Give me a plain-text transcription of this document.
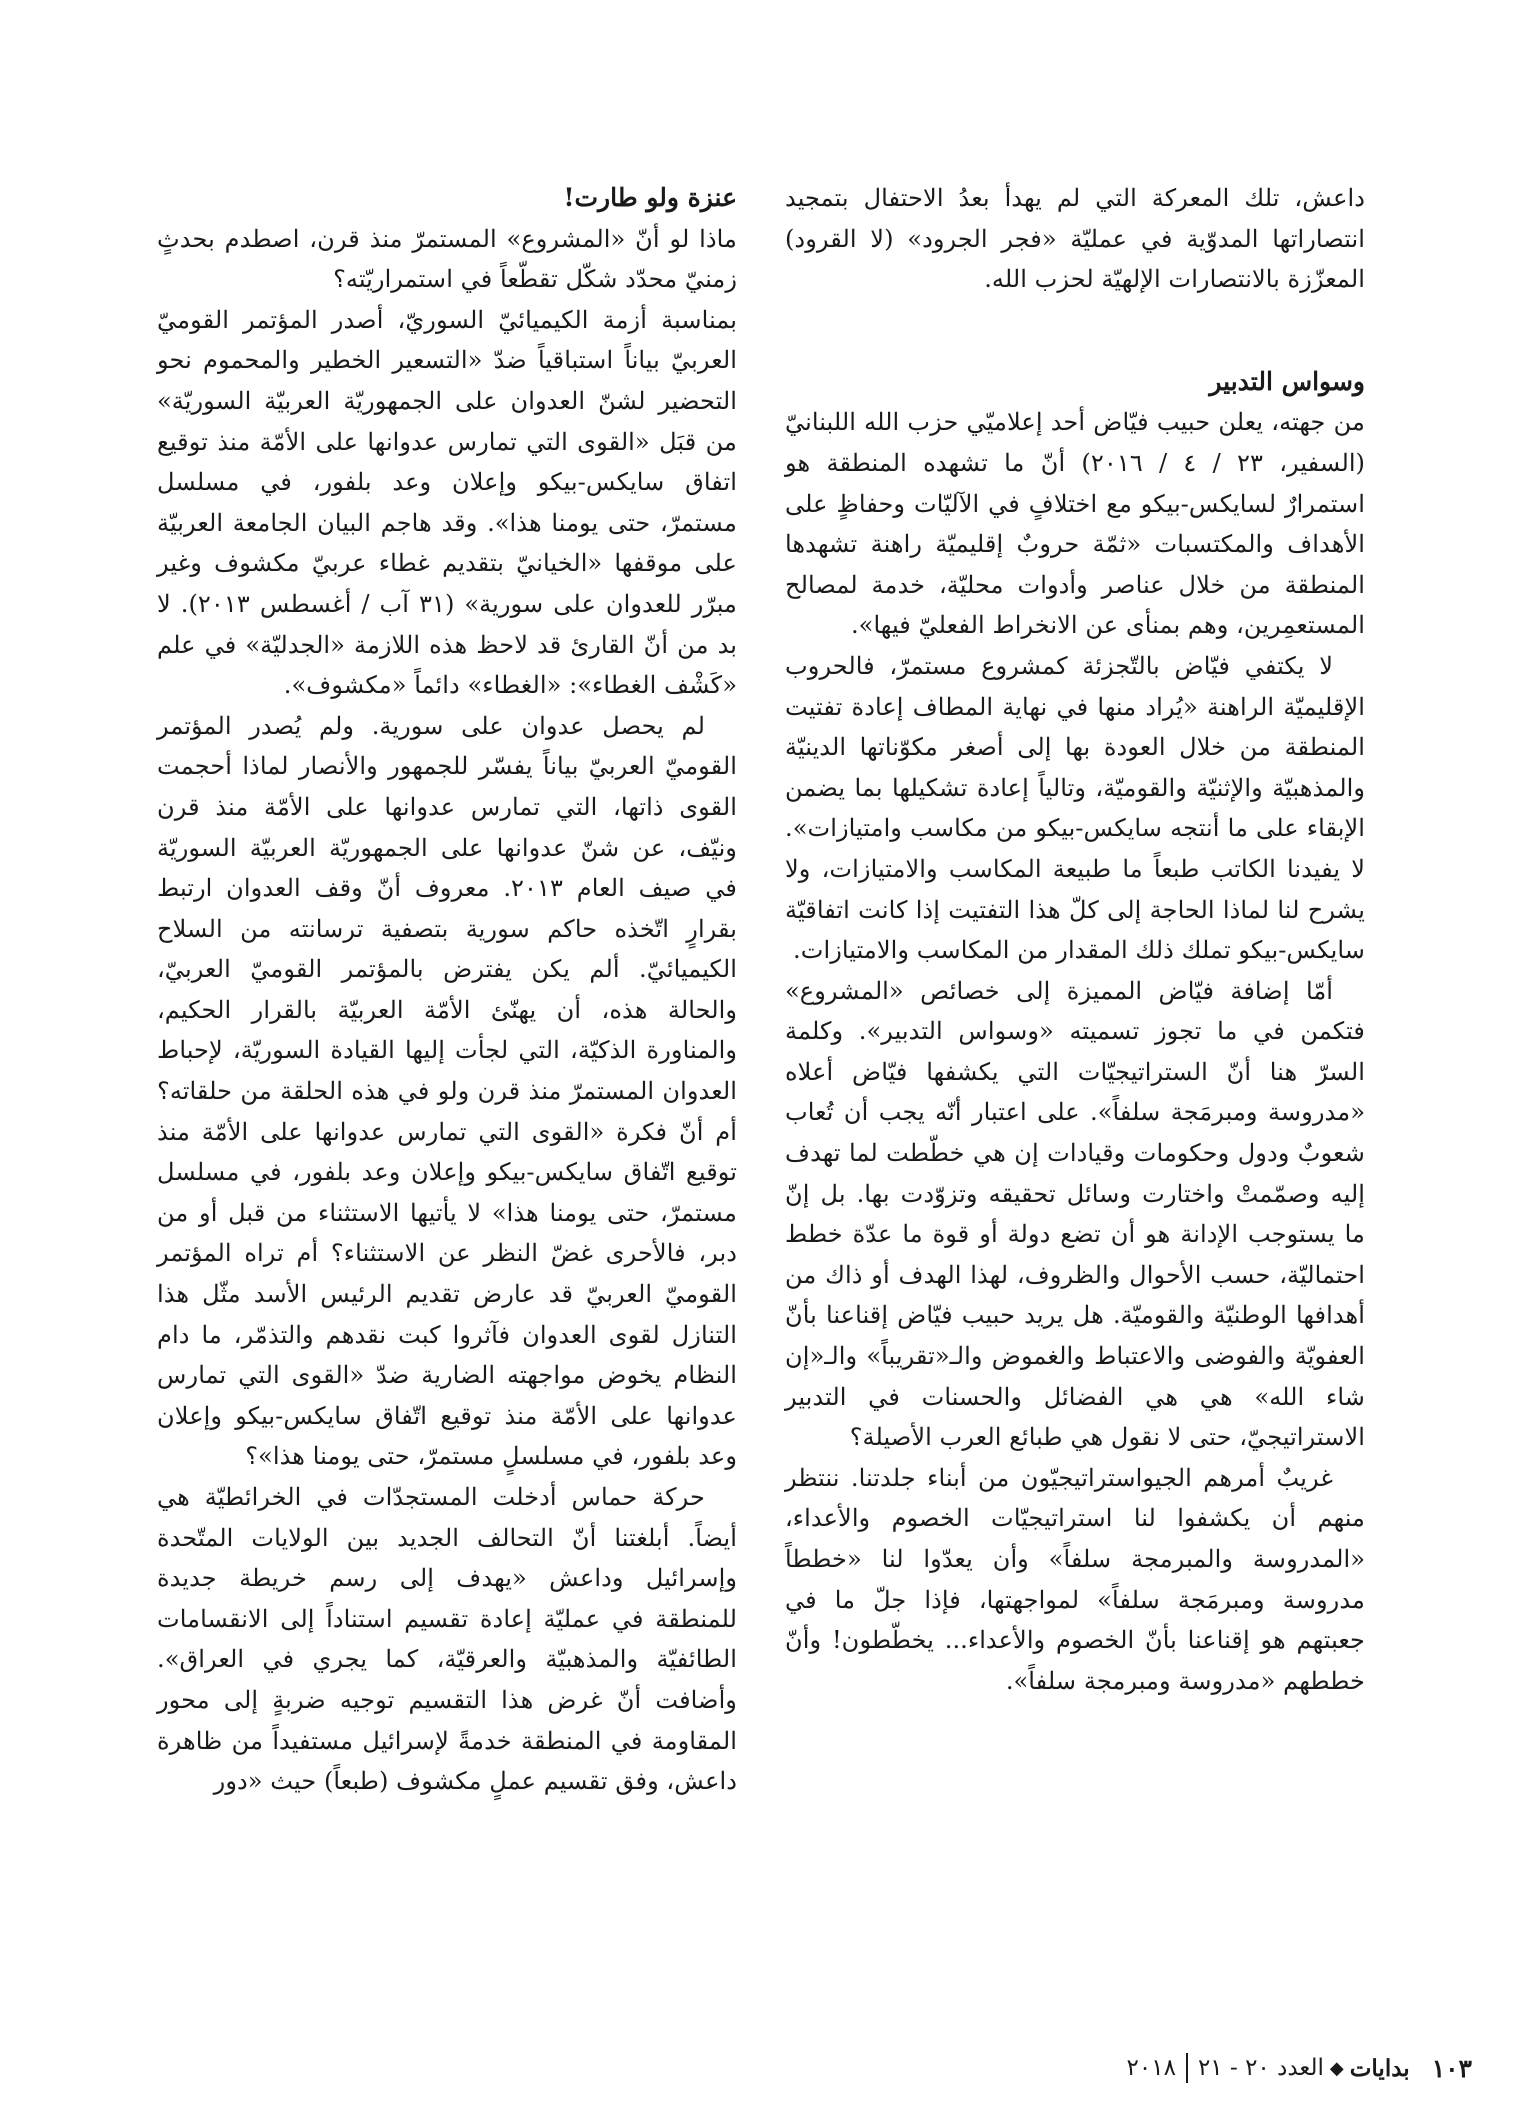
داعش، تلك المعركة التي لم يهدأ بعدُ الاحتفال بتمجيد انتصاراتها المدوّية في عمليّة «فجر الجرود» (لا القرود) المعزّزة بالانتصارات الإلهيّة لحزب الله.

وسواس التدبير

من جهته، يعلن حبيب فيّاض أحد إعلاميّي حزب الله اللبنانيّ (السفير، ٢٣ / ٤ / ٢٠١٦) أنّ ما تشهده المنطقة هو استمرارٌ لسايكس-بيكو مع اختلافٍ في الآليّات وحفاظٍ على الأهداف والمكتسبات «ثمّة حروبٌ إقليميّة راهنة تشهدها المنطقة من خلال عناصر وأدوات محليّة، خدمة لمصالح المستعمِرين، وهم بمنأى عن الانخراط الفعليّ فيها».

لا يكتفي فيّاض بالتّجزئة كمشروع مستمرّ، فالحروب الإقليميّة الراهنة «يُراد منها في نهاية المطاف إعادة تفتيت المنطقة من خلال العودة بها إلى أصغر مكوّناتها الدينيّة والمذهبيّة والإثنيّة والقوميّة، وتالياً إعادة تشكيلها بما يضمن الإبقاء على ما أنتجه سايكس-بيكو من مكاسب وامتيازات». لا يفيدنا الكاتب طبعاً ما طبيعة المكاسب والامتيازات، ولا يشرح لنا لماذا الحاجة إلى كلّ هذا التفتيت إذا كانت اتفاقيّة سايكس-بيكو تملك ذلك المقدار من المكاسب والامتيازات.

أمّا إضافة فيّاض المميزة إلى خصائص «المشروع» فتكمن في ما تجوز تسميته «وسواس التدبير». وكلمة السرّ هنا أنّ الستراتيجيّات التي يكشفها فيّاض أعلاه «مدروسة ومبرمَجة سلفاً». على اعتبار أنّه يجب أن تُعاب شعوبٌ ودول وحكومات وقيادات إن هي خطّطت لما تهدف إليه وصمّمتْ واختارت وسائل تحقيقه وتزوّدت بها. بل إنّ ما يستوجب الإدانة هو أن تضع دولة أو قوة ما عدّة خطط احتماليّة، حسب الأحوال والظروف، لهذا الهدف أو ذاك من أهدافها الوطنيّة والقوميّة. هل يريد حبيب فيّاض إقناعنا بأنّ العفويّة والفوضى والاعتباط والغموض والـ«تقريباً» والـ«إن شاء الله» هي هي الفضائل والحسنات في التدبير الاستراتيجيّ، حتى لا نقول هي طبائع العرب الأصيلة؟

غريبٌ أمرهم الجيواستراتيجيّون من أبناء جلدتنا. ننتظر منهم أن يكشفوا لنا استراتيجيّات الخصوم والأعداء، «المدروسة والمبرمجة سلفاً» وأن يعدّوا لنا «خططاً مدروسة ومبرمَجة سلفاً» لمواجهتها، فإذا جلّ ما في جعبتهم هو إقناعنا بأنّ الخصوم والأعداء... يخطّطون! وأنّ خططهم «مدروسة ومبرمجة سلفاً».

عنزة ولو طارت!

ماذا لو أنّ «المشروع» المستمرّ منذ قرن، اصطدم بحدثٍ زمنيّ محدّد شكّل تقطّعاً في استمراريّته؟

بمناسبة أزمة الكيميائيّ السوريّ، أصدر المؤتمر القوميّ العربيّ بياناً استباقياً ضدّ «التسعير الخطير والمحموم نحو التحضير لشنّ العدوان على الجمهوريّة العربيّة السوريّة» من قبَل «القوى التي تمارس عدوانها على الأمّة منذ توقيع اتفاق سايكس-بيكو وإعلان وعد بلفور، في مسلسل مستمرّ، حتى يومنا هذا». وقد هاجم البيان الجامعة العربيّة على موقفها «الخيانيّ بتقديم غطاء عربيّ مكشوف وغير مبرّر للعدوان على سورية» (٣١ آب / أغسطس ٢٠١٣). لا بد من أنّ القارئ قد لاحظ هذه اللازمة «الجدليّة» في علم «كَشْف الغطاء»: «الغطاء» دائماً «مكشوف».

لم يحصل عدوان على سورية. ولم يُصدر المؤتمر القوميّ العربيّ بياناً يفسّر للجمهور والأنصار لماذا أحجمت القوى ذاتها، التي تمارس عدوانها على الأمّة منذ قرن ونيّف، عن شنّ عدوانها على الجمهوريّة العربيّة السوريّة في صيف العام ٢٠١٣. معروف أنّ وقف العدوان ارتبط بقرارٍ اتّخذه حاكم سورية بتصفية ترسانته من السلاح الكيميائيّ. ألم يكن يفترض بالمؤتمر القوميّ العربيّ، والحالة هذه، أن يهنّئ الأمّة العربيّة بالقرار الحكيم، والمناورة الذكيّة، التي لجأت إليها القيادة السوريّة، لإحباط العدوان المستمرّ منذ قرن ولو في هذه الحلقة من حلقاته؟ أم أنّ فكرة «القوى التي تمارس عدوانها على الأمّة منذ توقيع اتّفاق سايكس-بيكو وإعلان وعد بلفور، في مسلسل مستمرّ، حتى يومنا هذا» لا يأتيها الاستثناء من قبل أو من دبر، فالأحرى غضّ النظر عن الاستثناء؟ أم تراه المؤتمر القوميّ العربيّ قد عارض تقديم الرئيس الأسد مثّل هذا التنازل لقوى العدوان فآثروا كبت نقدهم والتذمّر، ما دام النظام يخوض مواجهته الضارية ضدّ «القوى التي تمارس عدوانها على الأمّة منذ توقيع اتّفاق سايكس-بيكو وإعلان وعد بلفور، في مسلسلٍ مستمرّ، حتى يومنا هذا»؟

حركة حماس أدخلت المستجدّات في الخرائطيّة هي أيضاً. أبلغتنا أنّ التحالف الجديد بين الولايات المتّحدة وإسرائيل وداعش «يهدف إلى رسم خريطة جديدة للمنطقة في عمليّة إعادة تقسيم استناداً إلى الانقسامات الطائفيّة والمذهبيّة والعرقيّة، كما يجري في العراق». وأضافت أنّ غرض هذا التقسيم توجيه ضربةٍ إلى محور المقاومة في المنطقة خدمةً لإسرائيل مستفيداً من ظاهرة داعش، وفق تقسيم عملٍ مكشوف (طبعاً) حيث «دور

١٠٣
بدايات
◆
العدد ٢٠ - ٢١
٢٠١٨
